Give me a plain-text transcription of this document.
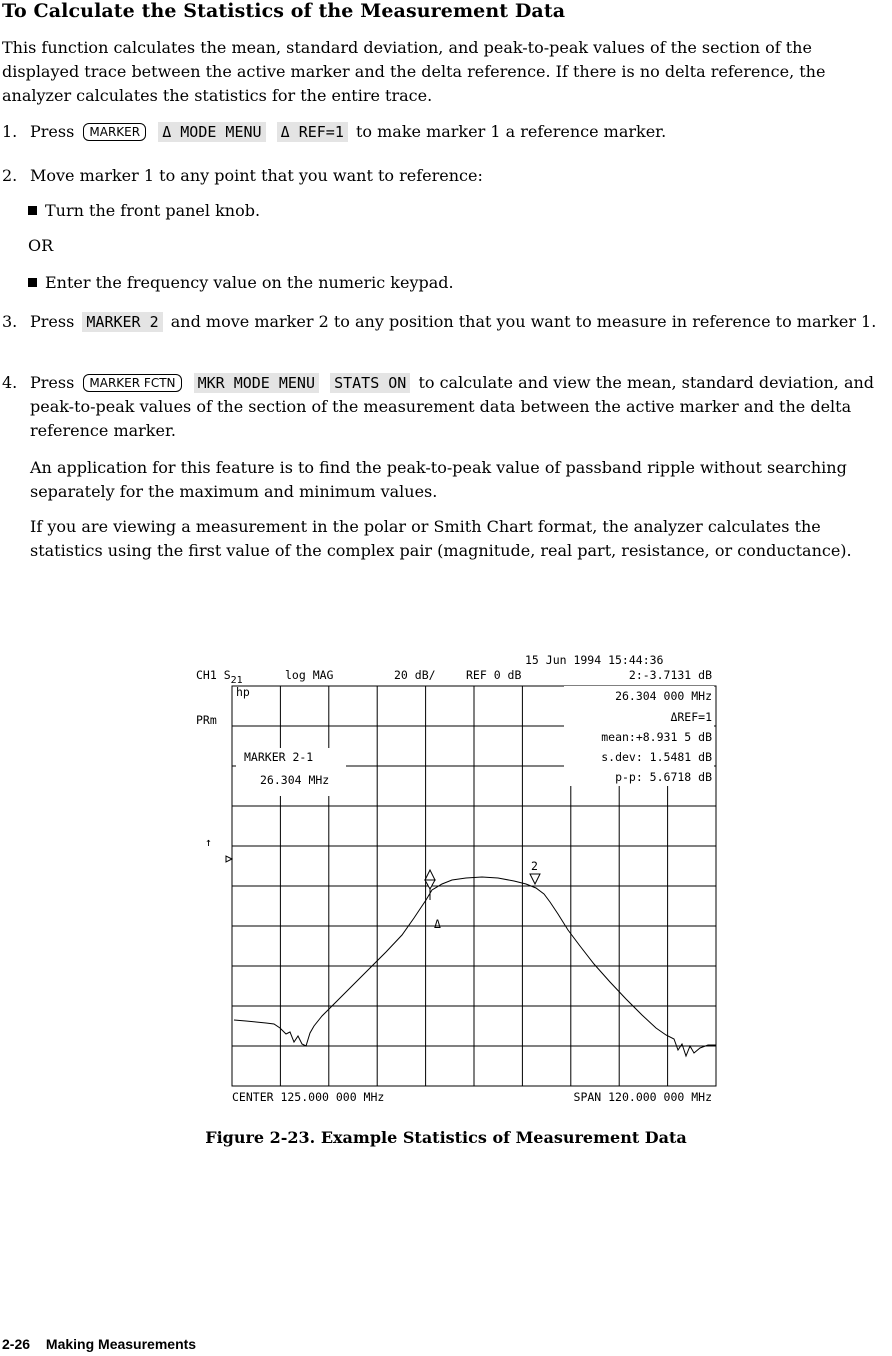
To Calculate the Statistics of the Measurement Data

This function calculates the mean, standard deviation, and peak-to-peak values of the section of the displayed trace between the active marker and the delta reference. If there is no delta reference, the analyzer calculates the statistics for the entire trace.

1. Press MARKER Δ MODE MENU Δ REF=1 to make marker 1 a reference marker.
2. Move marker 1 to any point that you want to reference:
Turn the front panel knob.
OR
Enter the frequency value on the numeric keypad.
3. Press MARKER 2 and move marker 2 to any position that you want to measure in reference to marker 1.
4. Press MARKER FCTN MKR MODE MENU STATS ON to calculate and view the mean, standard deviation, and peak-to-peak values of the section of the measurement data between the active marker and the delta reference marker.

An application for this feature is to find the peak-to-peak value of passband ripple without searching separately for the maximum and minimum values.

If you are viewing a measurement in the polar or Smith Chart format, the analyzer calculates the statistics using the first value of the complex pair (magnitude, real part, resistance, or conductance).

Δ
2
hp
↑
15 Jun 1994 15:44:36
CH1 S21	log MAG	20 dB/	REF 0 dB	2:-3.7131 dB
PRm
26.304 000 MHz
ΔREF=1
mean:+8.931 5 dB
s.dev: 1.5481 dB
p-p: 5.6718 dB
MARKER 2-1
26.304 MHz
CENTER 125.000 000 MHz	SPAN 120.000 000 MHz

Figure 2-23. Example Statistics of Measurement Data

2-26 Making Measurements
